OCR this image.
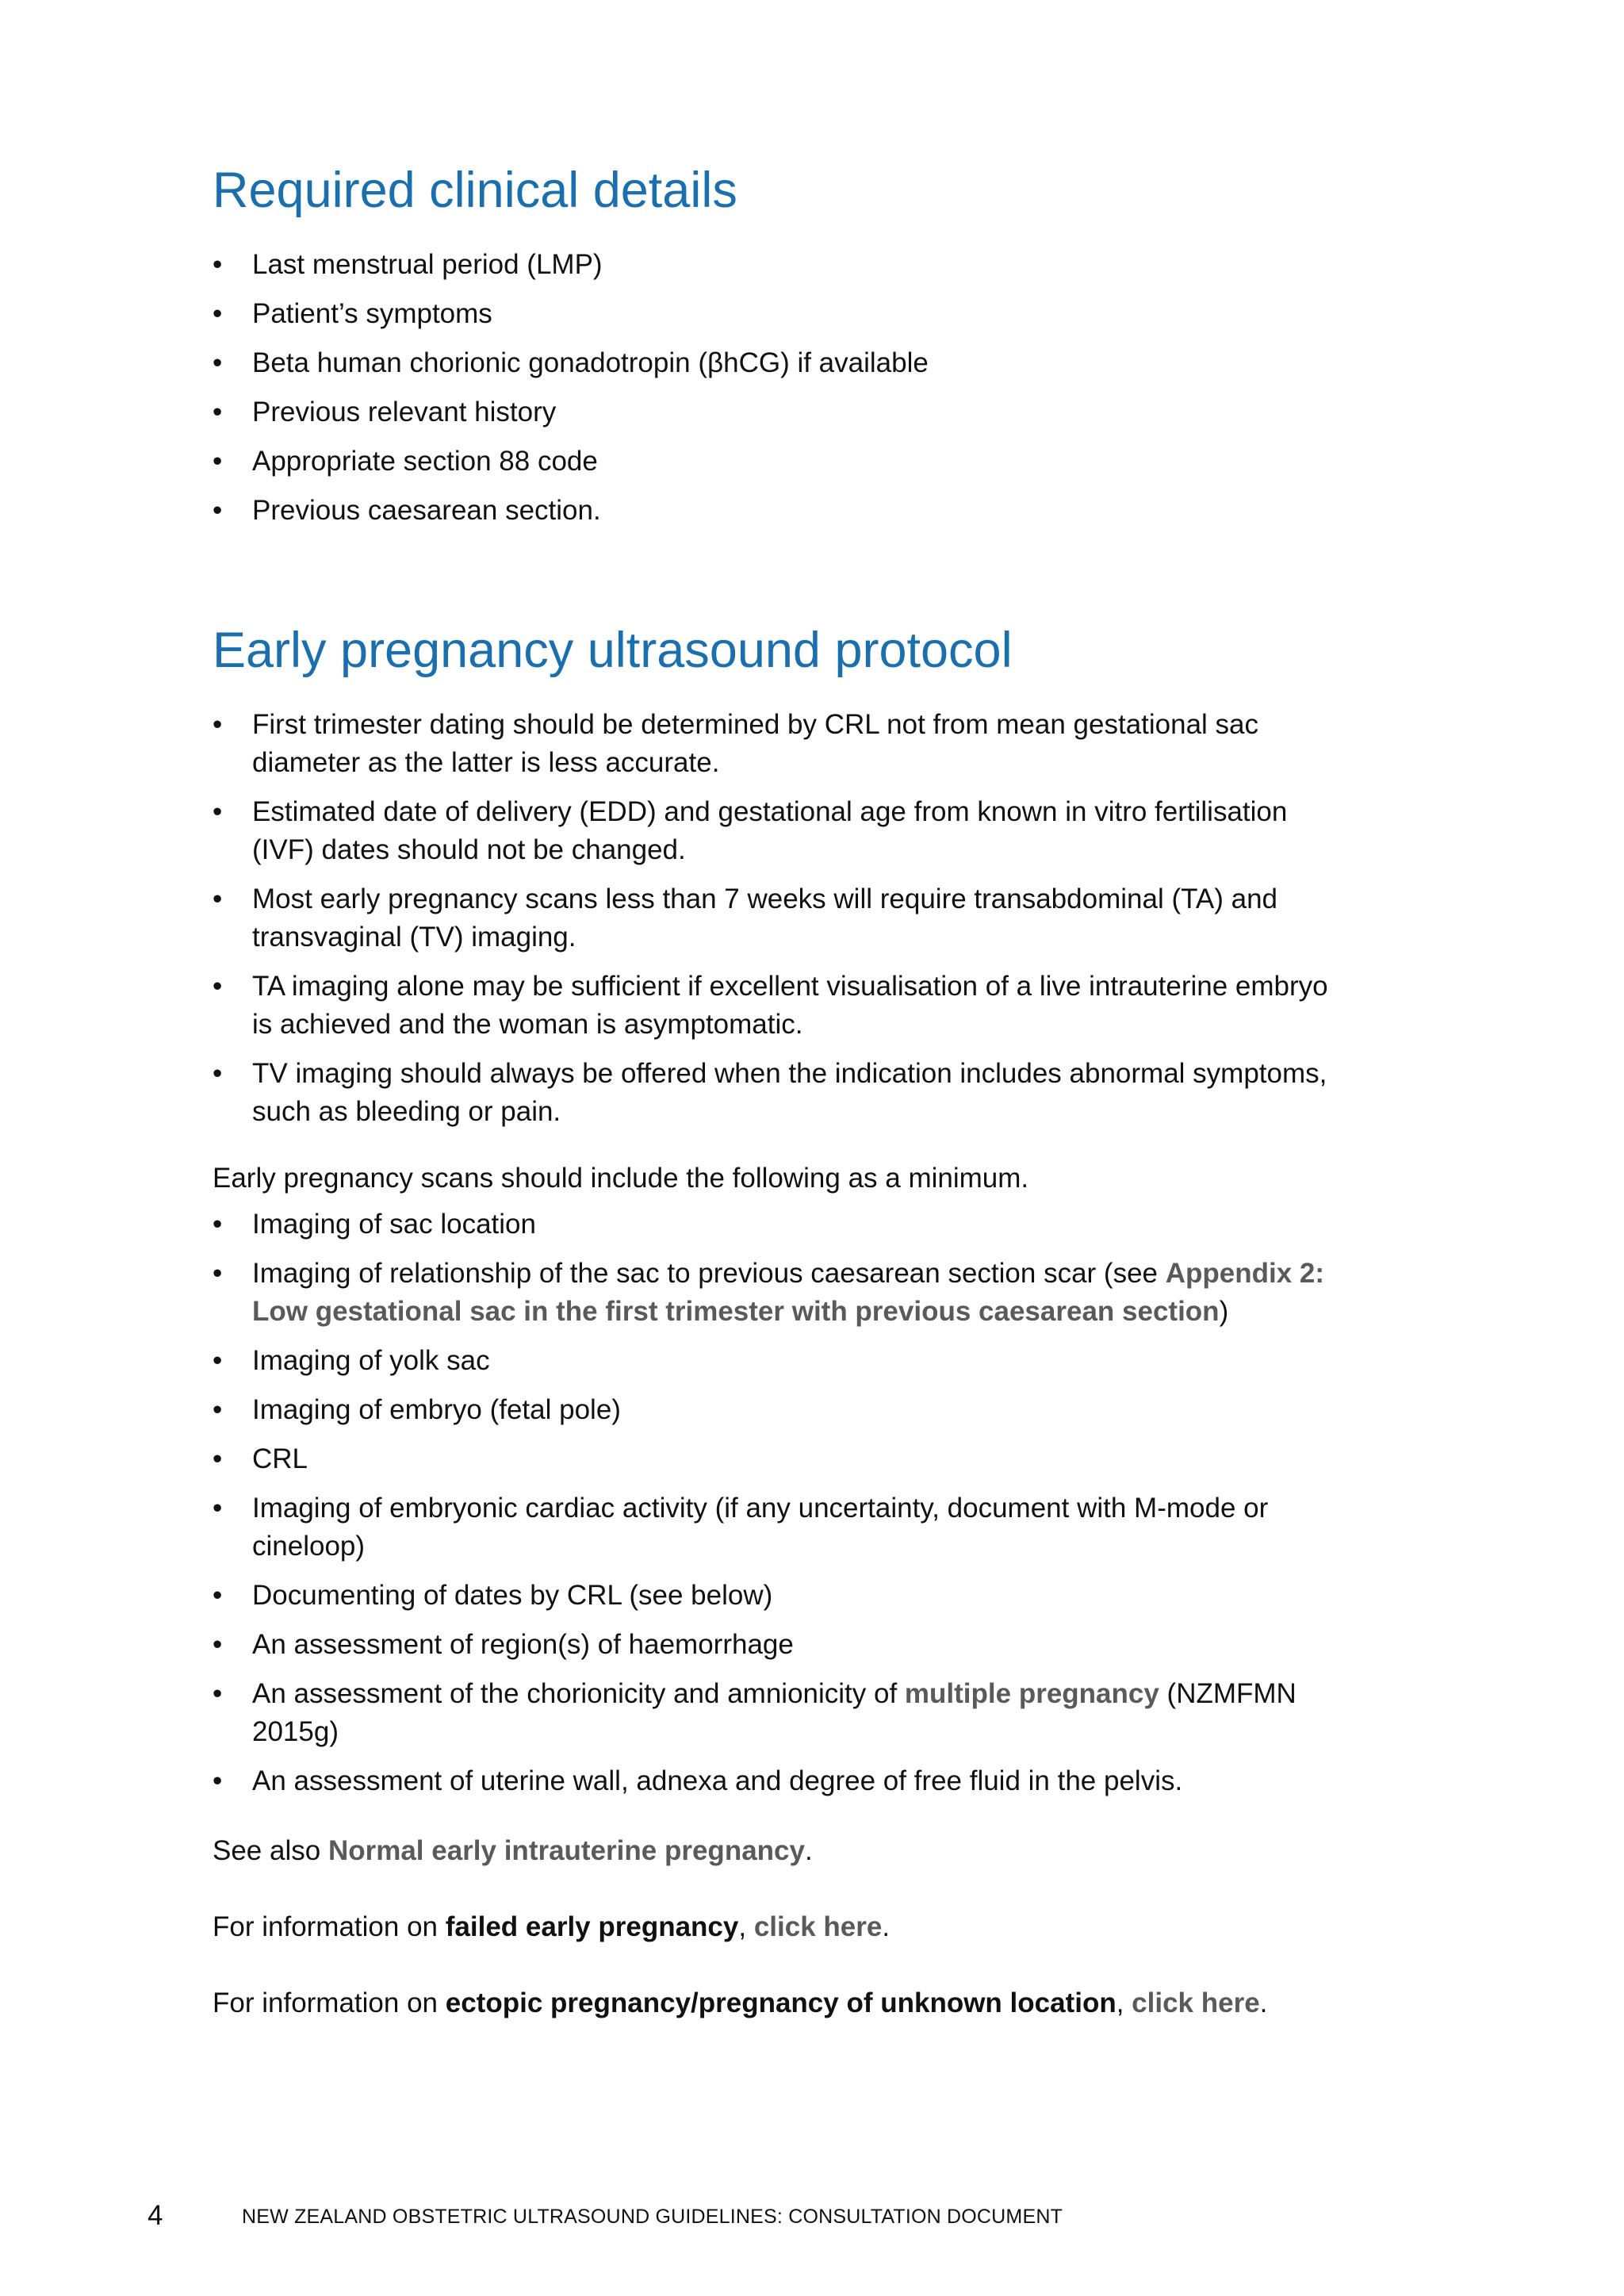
Required clinical details
• Last menstrual period (LMP)
• Patient’s symptoms
• Beta human chorionic gonadotropin (βhCG) if available
• Previous relevant history
• Appropriate section 88 code
• Previous caesarean section.
Early pregnancy ultrasound protocol
• First trimester dating should be determined by CRL not from mean gestational sac diameter as the latter is less accurate.
• Estimated date of delivery (EDD) and gestational age from known in vitro fertilisation (IVF) dates should not be changed.
• Most early pregnancy scans less than 7 weeks will require transabdominal (TA) and transvaginal (TV) imaging.
• TA imaging alone may be sufficient if excellent visualisation of a live intrauterine embryo is achieved and the woman is asymptomatic.
• TV imaging should always be offered when the indication includes abnormal symptoms, such as bleeding or pain.

Early pregnancy scans should include the following as a minimum.

• Imaging of sac location
• Imaging of relationship of the sac to previous caesarean section scar (see Appendix 2: Low gestational sac in the first trimester with previous caesarean section)
• Imaging of yolk sac
• Imaging of embryo (fetal pole)
• CRL
• Imaging of embryonic cardiac activity (if any uncertainty, document with M-mode or cineloop)
• Documenting of dates by CRL (see below)
• An assessment of region(s) of haemorrhage
• An assessment of the chorionicity and amnionicity of multiple pregnancy (NZMFMN 2015g)
• An assessment of uterine wall, adnexa and degree of free fluid in the pelvis.

See also Normal early intrauterine pregnancy.

For information on failed early pregnancy, click here.

For information on ectopic pregnancy/pregnancy of unknown location, click here.

4	NEW ZEALAND OBSTETRIC ULTRASOUND GUIDELINES: CONSULTATION DOCUMENT
